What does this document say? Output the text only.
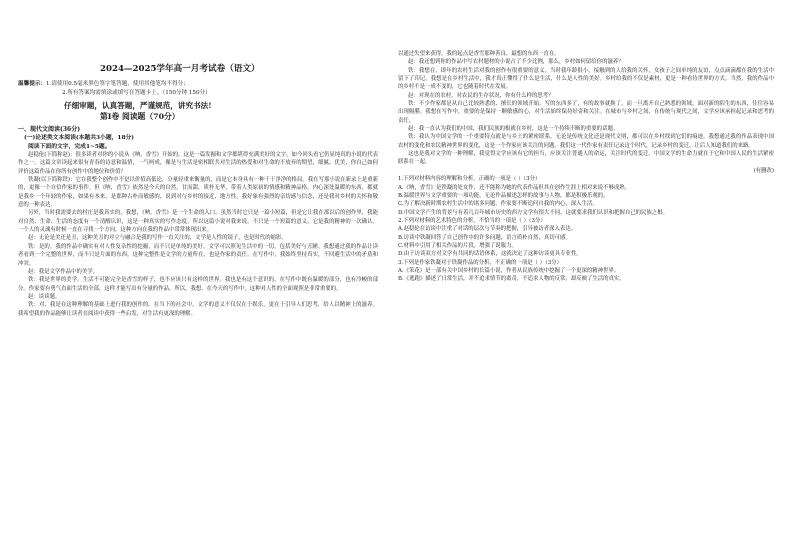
2024—2025学年高一月考试卷（语文）
温馨提示：1.请使用0.5毫米黑色签字笔答题，使用其他笔均不得分；
2.所有答案均需填涂或填写在答题卡上。（150分钟 150分）
仔细审题，认真答题，严谨规范，讲究书法!
第Ⅰ卷 阅读题（70分）

一、现代文阅读(36分)

(一)论述类文本阅读(本题共3小题，18分)

阅读下面的文字，完成1~5题。

赵稳伦(下简称赵)：很多读者对你的小说从《呐，香雪》开始的。这是一篇发掘和文学都堪得充满美好的文字，如今回头看它仍显纯真的小说的代表作之一。这篇文章读起来很有青春的诗意和温情，一气呵成，像是与生活是密相联共对生活的热爱和对生命的不放弃的期望，细腻、优美，你自己如何评价这篇作品在你所有创作中的地位和价值？

铁凝(以下简称铁)：它在我整个创作中不是以价值高低论，分量轻重来衡量的，而是它本身具有一种干干净净的格局。我在写那小说在新录上是重新的，更像一个自信作家的事件。但《呐，香雪》依然是今天的自然，甘而甜，质朴无华，带着人类原初的情感和精神品格，内心深处温暖的东西，都就是我乡一个年轻的作家，如果有本来，是那种古朴而敏感的，说到对与乡村的接近、地方性，我好象有强烈的亲切感与信念，还是我对乡村的关怀和敬意的一种表达。

另外，当时我需要去的村庄是我真实的，我想，《呐，香雪》是一个生命的入口。虽然当时它只是一篇小短篇，但是它让我在那以后的创作里，我能对自然、生命、生活的态度有一个清醒认识，这是一种真实的写作态度。所以这篇小说对我来说，不只是一个短篇的意义，它是我的精神的一次确认。一个人的灵魂有时候一直在寻找一个方向，这种方向在我的作品中常常体现出来。

赵：无论是美还是丑，这种美丑的对立与融合是我的写作一直关注的，文学是人性的镜子，也是时代的缩影。

铁：是的。我的作品中确实有对人性复杂性的挖掘，而不只是单纯的美好。文学可以照见生活中的一切，包括美好与丑陋。我想通过我的作品让读者看到一个完整的世界，而不只是片面的东西。这种完整性是文学的力量所在，也是作家的责任。在写作中，我始终坚持真实，不回避生活中的矛盾和冲突。

赵：我是文学作品中的美学。

铁：我是世界的美学。生活不可能完全是香雪的样子，也不应该只有这样的世界。我也是有这个意识的，在写作中既有温暖的部分，也有冷峻的部分。作家要有勇气直面生活的全部，这样才能写出有分量的作品。所以，我想，在今天的写作中，这种对人性的全面观照是非常重要的。

赵：谈谈题。

铁：对，我是在这种理解的基础上进行我的创作的。在当下的社会中，文学的意义不仅仅在于娱乐，更在于引导人们思考，给人以精神上的滋养。我希望我的作品能够让读者在阅读中获得一些启发，对生活有更深的理解。

以通过失望来获得。我的起点是香雪那种善良、最想的东西一直在。

赵：我还想到你的作品中写农村题材的小说占了不少比例，那么，乡村如何留给你的滋养？

铁：我想在，即年的农村生活对我的创作有很重要的意义。当时我年龄很小，接触到的人给我的关怀，女孩子之间单纯的友谊，点点滴滴都在我的生活中留下了印记。我想是在乡村生活中，我才真正懂得了什么是生活，什么是人性的美好。乡村给我的不仅是素材，更是一种看待世界的方式。当然，我的作品中的乡村不是一成不变的，它也随着时代在发展。

赵：对现在的农村，对农民的生存状况，你有什么样的思考？

铁：不少作家都是从自己比较熟悉的、擅长的领域开始，写的东西多了，有的故事就换了，而一旦离开自己熟悉的领域，面对新的陌生的东西，往往容易出现隔膜。我想在写作中，重要的是保持一颗敏感的心，对生活始终保持好奇和关注。在城市与乡村之间，在传统与现代之间，文学应该承担起记录和思考的责任。

赵：我一直认为我们的中国，我们民族的根就在乡村，这是一个持续不断的重要的话题。

铁：我认为中国文学的一个重要特点就是与乡土的紧密联系。无论是传统文化还是现代文明，都可以在乡村找到它们的痕迹。我想通过我的作品表现中国农村的变化和农民精神世界的变化，这是一个作家应该关注的问题。我们这一代作家有责任记录这个时代，记录乡村的变迁，让后人知道我们的来路。

这也是我对文学的一种理解，我觉得文学应该有它的担当，应该关注普通人的命运，关注时代的变迁。中国文学的生命力就在于它和中国人民的生活紧密联系在一起。

(有删改)

1.下列对材料内容的理解和分析，正确的一项是（ ）（3分）

A.《呐，香雪》是铁凝的处女作，还不能称为她的代表作品但其在创作生涯上相对来说不够成熟。

B.温暖世界与文学重要的一项功能，无论作品描述怎样的故事与人物，都是积极乐观的。

C.为了解决新时期农村生活中的诸多问题，作家要不断追问自我的内心，深入生活。

D.中国文学产生的背景与有着几百年城市历史的西方文学有很大不同，这就要求我们认识和把握自己的民族之根。

2.下列对材料的艺术特色的分析，不恰当的一项是（ ）（3分）

A.赵稳伦在访谈中注重了对话的层次与节奏的把握，引导被访者深入表达。

B.访谈中铁凝回答了自己创作中的许多问题，语言质朴自然，真切可感。

C.材料中引用了相关作品的片段，增强了说服力。

D.由于访谈双方对文学有共同的话语体系，这就决定了这种访谈更具专业性。

3.下列是作家铁凝对于铁凝作品的分析，不正确的一项是（ ）（3分）

A.《笨花》是一部有关中国乡村的长篇小说，作者从民族传统中挖掘了一个更深的精神世界。

B.《逃跑》描述了日常生活，并不追求情节的离奇，不追求人物的反常，却反映了生活的真实。
